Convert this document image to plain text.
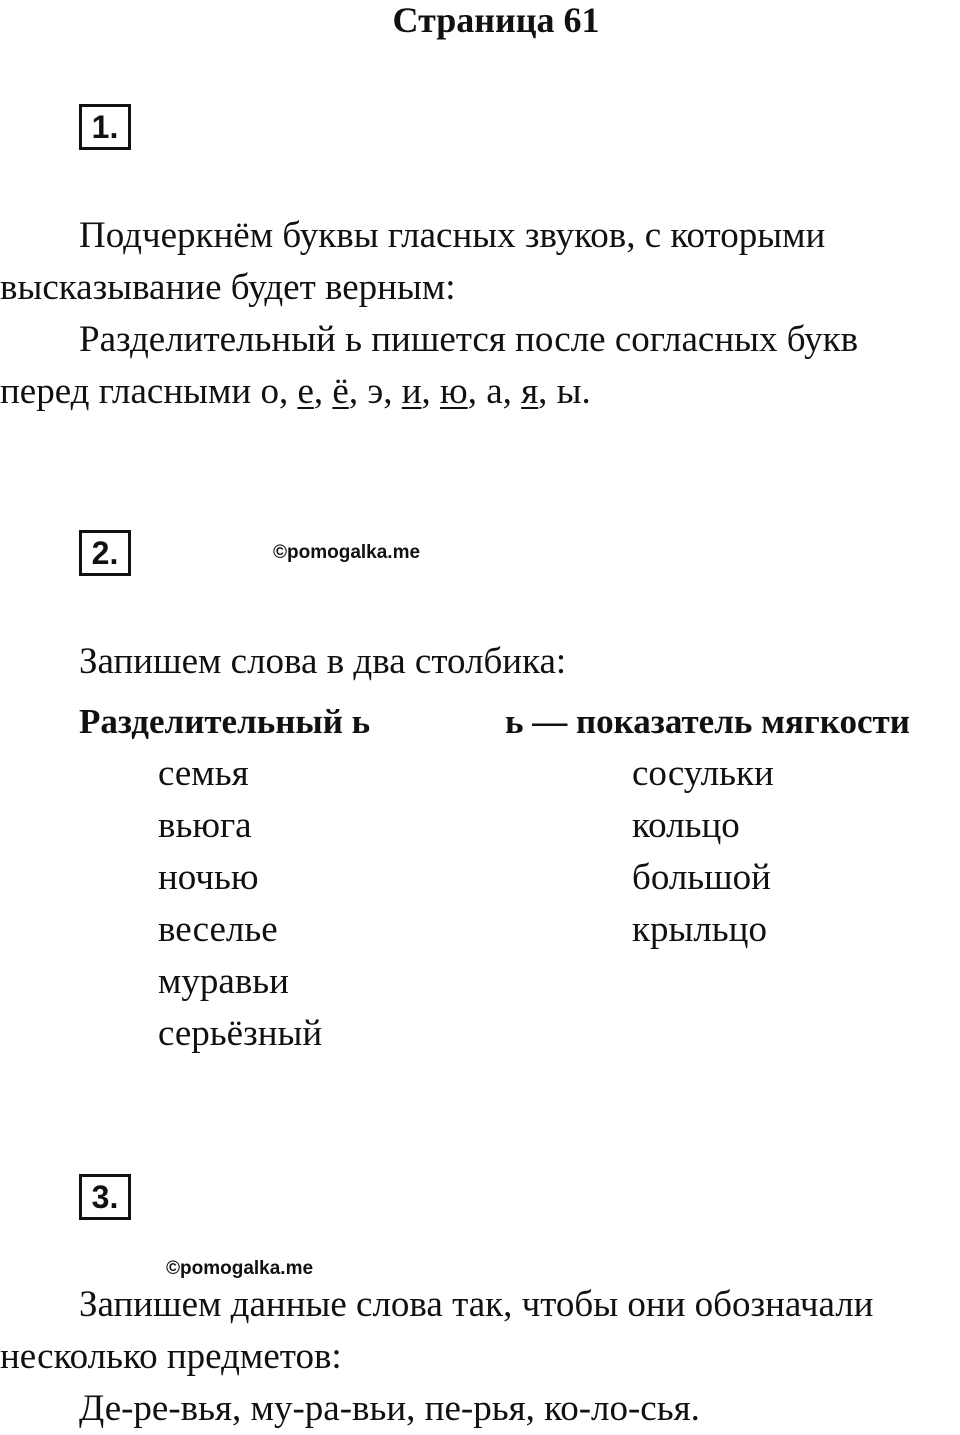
Страница 61
1.
Подчеркнём буквы гласных звуков, с которыми
высказывание будет верным:
Разделительный ь пишется после согласных букв
перед гласными о, е, ё, э, и, ю, а, я, ы.
2.	©pomogalka.me
Запишем слова в два столбика:
Разделительный ь	ь — показатель мягкости
семья
вьюга
ночью
веселье
муравьи
серьёзный
сосульки
кольцо
большой
крыльцо
3.
©pomogalka.me
Запишем данные слова так, чтобы они обозначали
несколько предметов:
Де-ре-вья, му-ра-вьи, пе-рья, ко-ло-сья.
